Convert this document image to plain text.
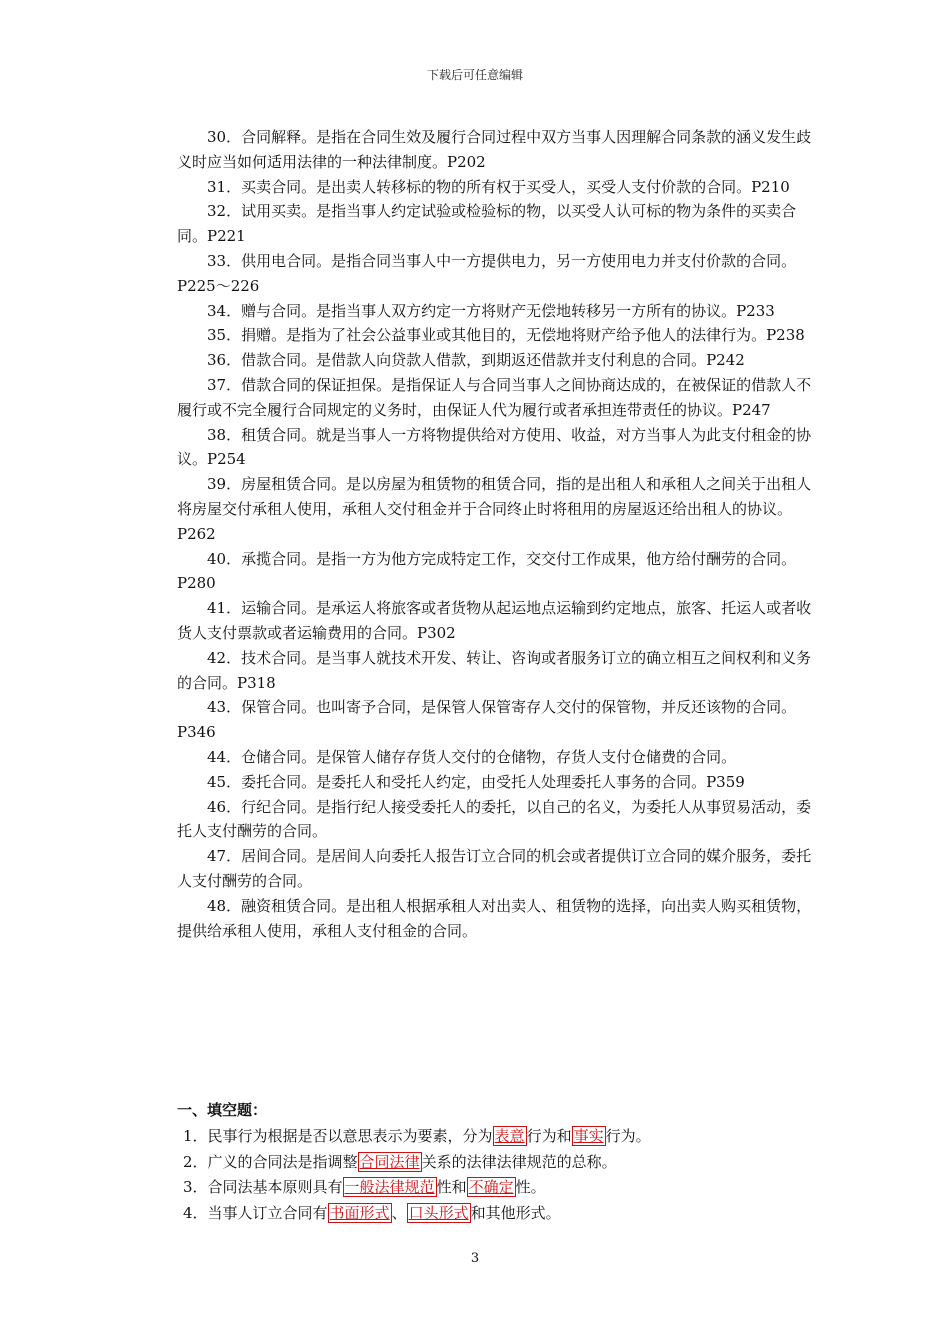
下载后可任意编辑

30．合同解释。是指在合同生效及履行合同过程中双方当事人因理解合同条款的涵义发生歧义时应当如何适用法律的一种法律制度。P202

31．买卖合同。是出卖人转移标的物的所有权于买受人，买受人支付价款的合同。P210

32．试用买卖。是指当事人约定试验或检验标的物，以买受人认可标的物为条件的买卖合同。P221

33．供用电合同。是指合同当事人中一方提供电力，另一方使用电力并支付价款的合同。P225～226

34．赠与合同。是指当事人双方约定一方将财产无偿地转移另一方所有的协议。P233

35．捐赠。是指为了社会公益事业或其他目的，无偿地将财产给予他人的法律行为。P238

36．借款合同。是借款人向贷款人借款，到期返还借款并支付利息的合同。P242

37．借款合同的保证担保。是指保证人与合同当事人之间协商达成的，在被保证的借款人不履行或不完全履行合同规定的义务时，由保证人代为履行或者承担连带责任的协议。P247

38．租赁合同。就是当事人一方将物提供给对方使用、收益，对方当事人为此支付租金的协议。P254

39．房屋租赁合同。是以房屋为租赁物的租赁合同，指的是出租人和承租人之间关于出租人将房屋交付承租人使用，承租人交付租金并于合同终止时将租用的房屋返还给出租人的协议。P262

40．承揽合同。是指一方为他方完成特定工作，交交付工作成果，他方给付酬劳的合同。P280

41．运输合同。是承运人将旅客或者货物从起运地点运输到约定地点，旅客、托运人或者收货人支付票款或者运输费用的合同。P302

42．技术合同。是当事人就技术开发、转让、咨询或者服务订立的确立相互之间权利和义务的合同。P318

43．保管合同。也叫寄予合同，是保管人保管寄存人交付的保管物，并反还该物的合同。P346

44．仓储合同。是保管人储存存货人交付的仓储物，存货人支付仓储费的合同。

45．委托合同。是委托人和受托人约定，由受托人处理委托人事务的合同。P359

46．行纪合同。是指行纪人接受委托人的委托，以自己的名义，为委托人从事贸易活动，委托人支付酬劳的合同。

47．居间合同。是居间人向委托人报告订立合同的机会或者提供订立合同的媒介服务，委托人支付酬劳的合同。

48．融资租赁合同。是出租人根据承租人对出卖人、租赁物的选择，向出卖人购买租赁物，提供给承租人使用，承租人支付租金的合同。

一、填空题：

1．民事行为根据是否以意思表示为要素，分为 表意 行为和 事实 行为。

2．广义的合同法是指调整 合同法律 关系的法律法律规范的总称。

3．合同法基本原则具有 一般法律规范 性和 不确定 性。

4．当事人订立合同有 书面形式 、 口头形式 和其他形式。

3
